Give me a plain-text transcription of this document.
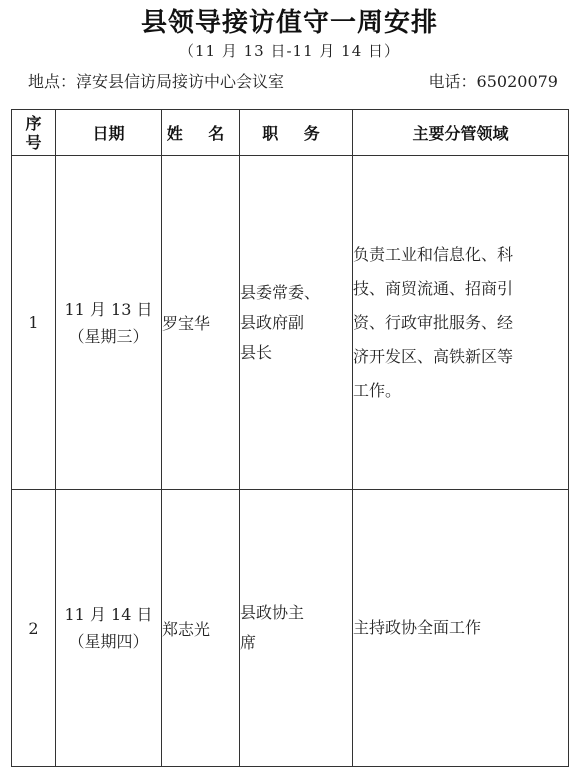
县领导接访值守一周安排
（11 月 13 日-11 月 14 日）
地点：淳安县信访局接访中心会议室	电话：65020079
序
号	日期	姓 名	职 务	主要分管领域
1	11 月 13 日
（星期三）	罗宝华	县委常委、
县政府副
县长	负责工业和信息化、科
技、商贸流通、招商引
资、行政审批服务、经
济开发区、高铁新区等
工作。

2	11 月 14 日
（星期四）	郑志光	县政协主
席	主持政协全面工作
